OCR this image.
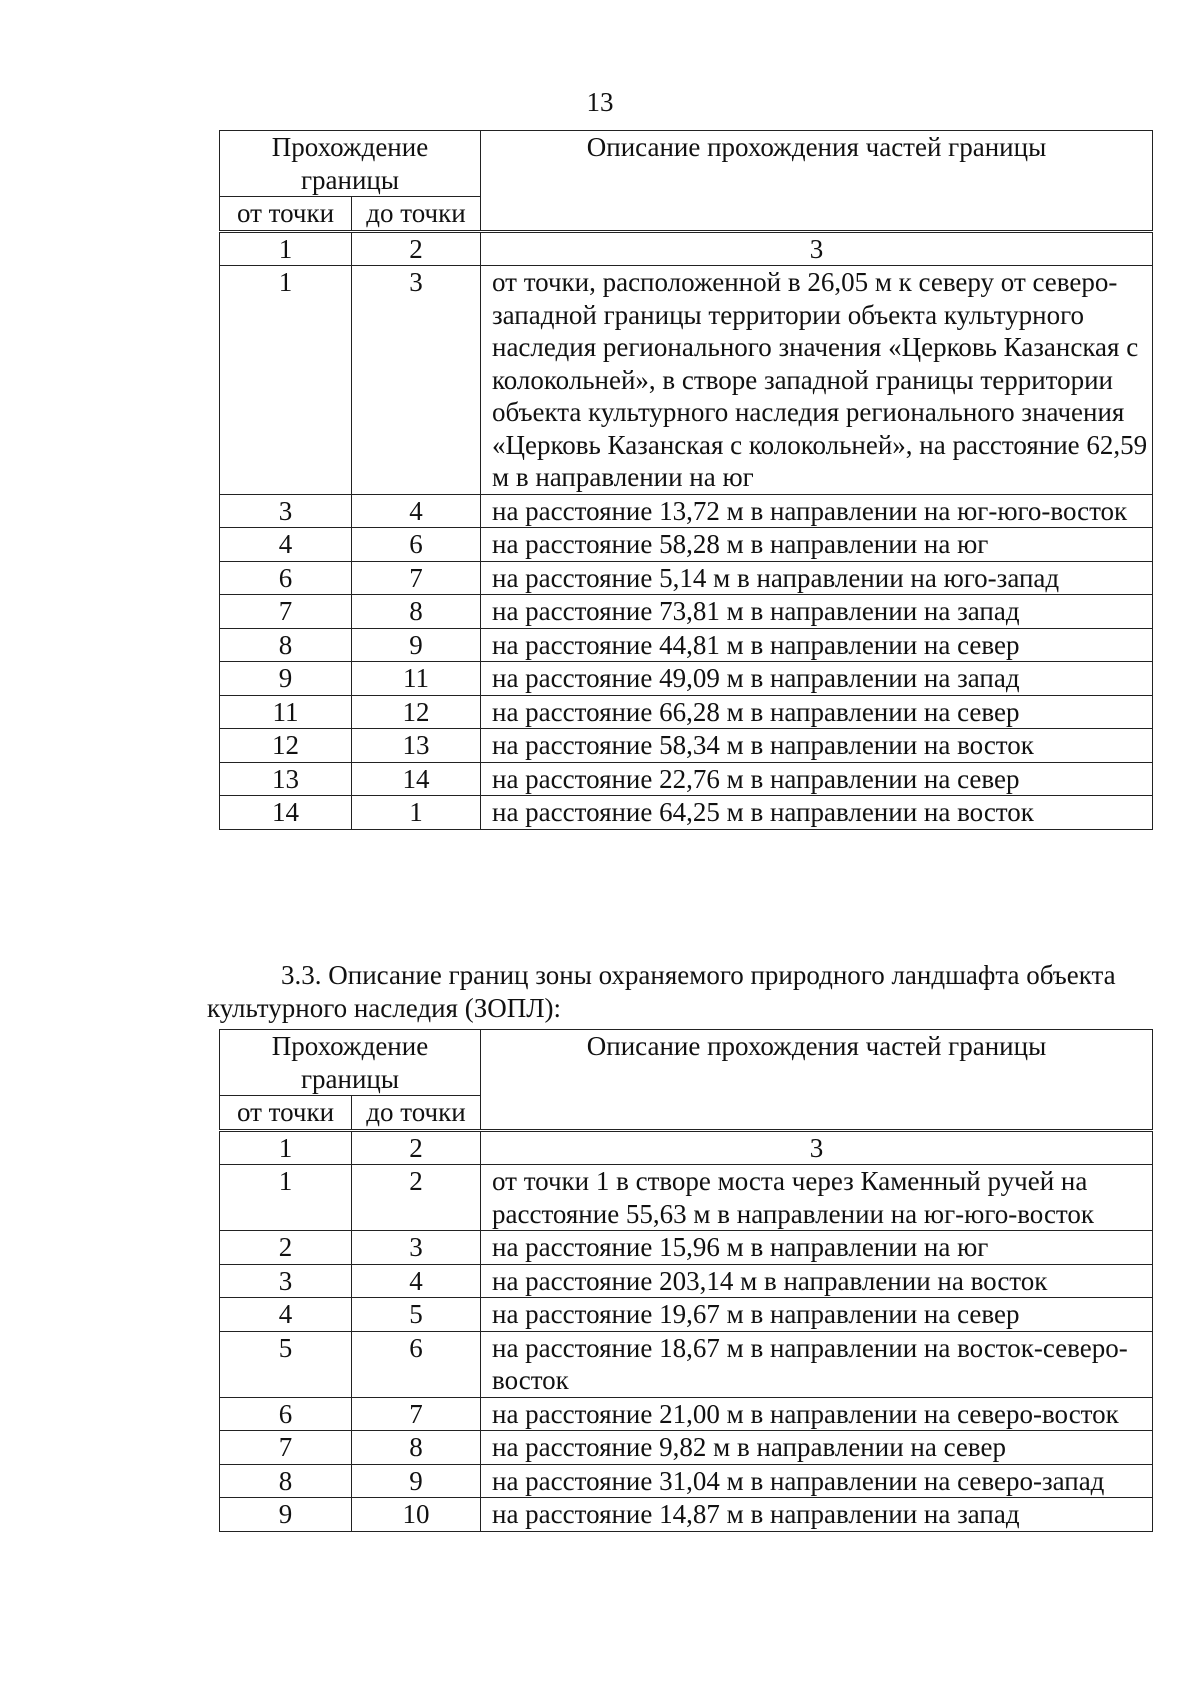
13
Прохождение границы		Описание прохождения частей границы
от точки	до точки	
1	2	3
1	3	от точки, расположенной в 26,05 м к северу от северо-западной границы территории объекта культурного наследия регионального значения «Церковь Казанская с колокольней», в створе западной границы территории объекта культурного наследия регионального значения «Церковь Казанская с колокольней», на расстояние 62,59 м в направлении на юг
3	4	на расстояние 13,72 м в направлении на юг-юго-восток
4	6	на расстояние 58,28 м в направлении на юг
6	7	на расстояние 5,14 м в направлении на юго-запад
7	8	на расстояние 73,81 м в направлении на запад
8	9	на расстояние 44,81 м в направлении на север
9	11	на расстояние 49,09 м в направлении на запад
11	12	на расстояние 66,28 м в направлении на север
12	13	на расстояние 58,34 м в направлении на восток
13	14	на расстояние 22,76 м в направлении на север
14	1	на расстояние 64,25 м в направлении на восток

3.3. Описание границ зоны охраняемого природного ландшафта объекта культурного наследия (ЗОПЛ):

Прохождение границы		Описание прохождения частей границы
от точки	до точки	
1	2	3
1	2	от точки 1 в створе моста через Каменный ручей на расстояние 55,63 м в направлении на юг-юго-восток
2	3	на расстояние 15,96 м в направлении на юг
3	4	на расстояние 203,14 м в направлении на восток
4	5	на расстояние 19,67 м в направлении на север
5	6	на расстояние 18,67 м в направлении на восток-северо-восток
6	7	на расстояние 21,00 м в направлении на северо-восток
7	8	на расстояние 9,82 м в направлении на север
8	9	на расстояние 31,04 м в направлении на северо-запад
9	10	на расстояние 14,87 м в направлении на запад
